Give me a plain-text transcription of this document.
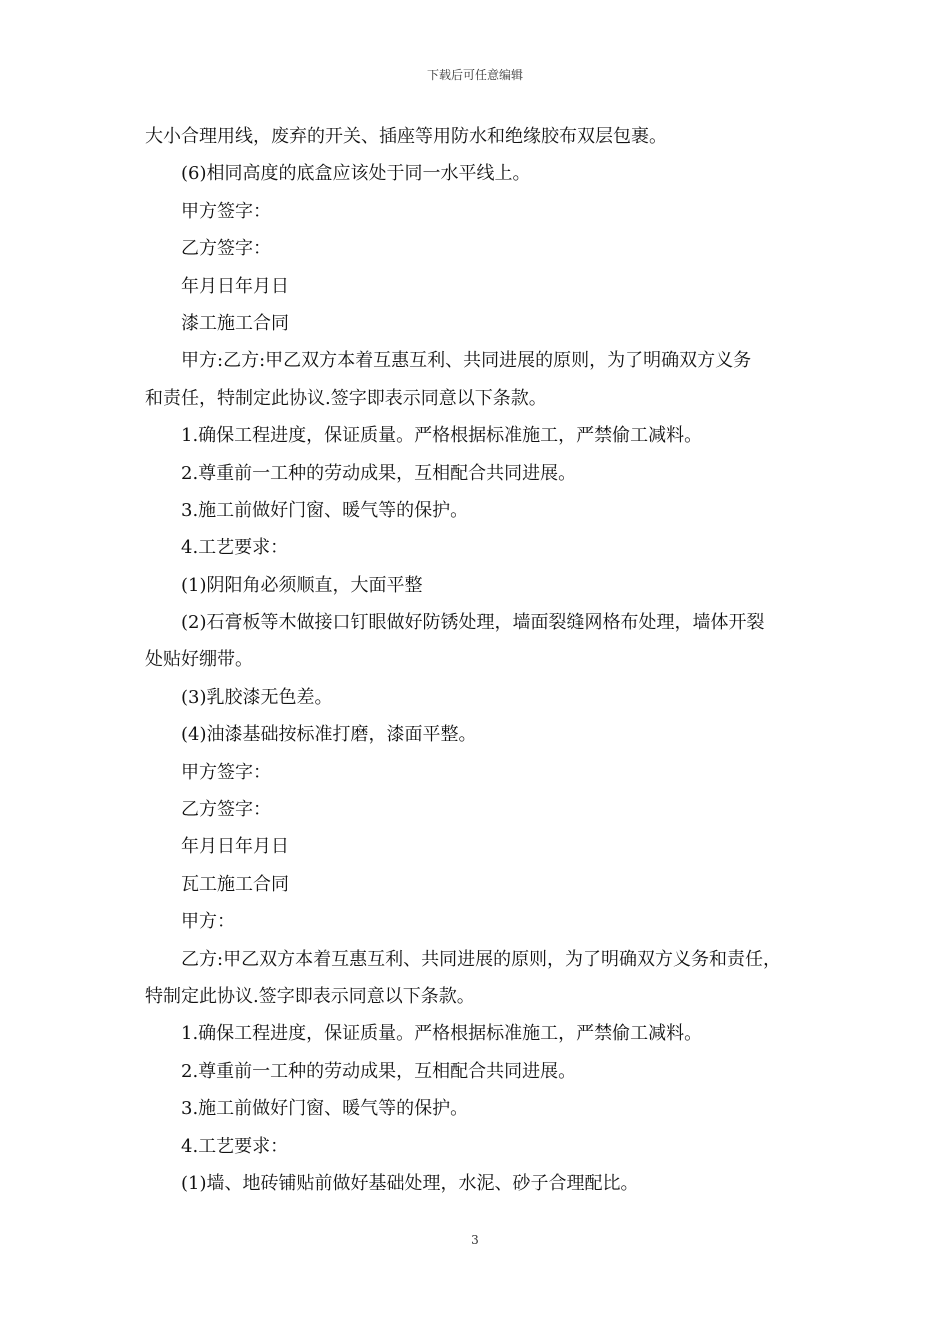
下载后可任意编辑

大小合理用线，废弃的开关、插座等用防水和绝缘胶布双层包裹。

(6)相同高度的底盒应该处于同一水平线上。

甲方签字：

乙方签字：

年月日年月日

漆工施工合同

甲方:乙方:甲乙双方本着互惠互利、共同进展的原则，为了明确双方义务

和责任，特制定此协议.签字即表示同意以下条款。

1.确保工程进度，保证质量。严格根据标准施工，严禁偷工减料。

2.尊重前一工种的劳动成果，互相配合共同进展。

3.施工前做好门窗、暖气等的保护。

4.工艺要求：

(1)阴阳角必须顺直，大面平整

(2)石膏板等木做接口钉眼做好防锈处理，墙面裂缝网格布处理，墙体开裂

处贴好绷带。

(3)乳胶漆无色差。

(4)油漆基础按标准打磨，漆面平整。

甲方签字：

乙方签字：

年月日年月日

瓦工施工合同

甲方：

乙方:甲乙双方本着互惠互利、共同进展的原则，为了明确双方义务和责任，

特制定此协议.签字即表示同意以下条款。

1.确保工程进度，保证质量。严格根据标准施工，严禁偷工减料。

2.尊重前一工种的劳动成果，互相配合共同进展。

3.施工前做好门窗、暖气等的保护。

4.工艺要求：

(1)墙、地砖铺贴前做好基础处理，水泥、砂子合理配比。

3
